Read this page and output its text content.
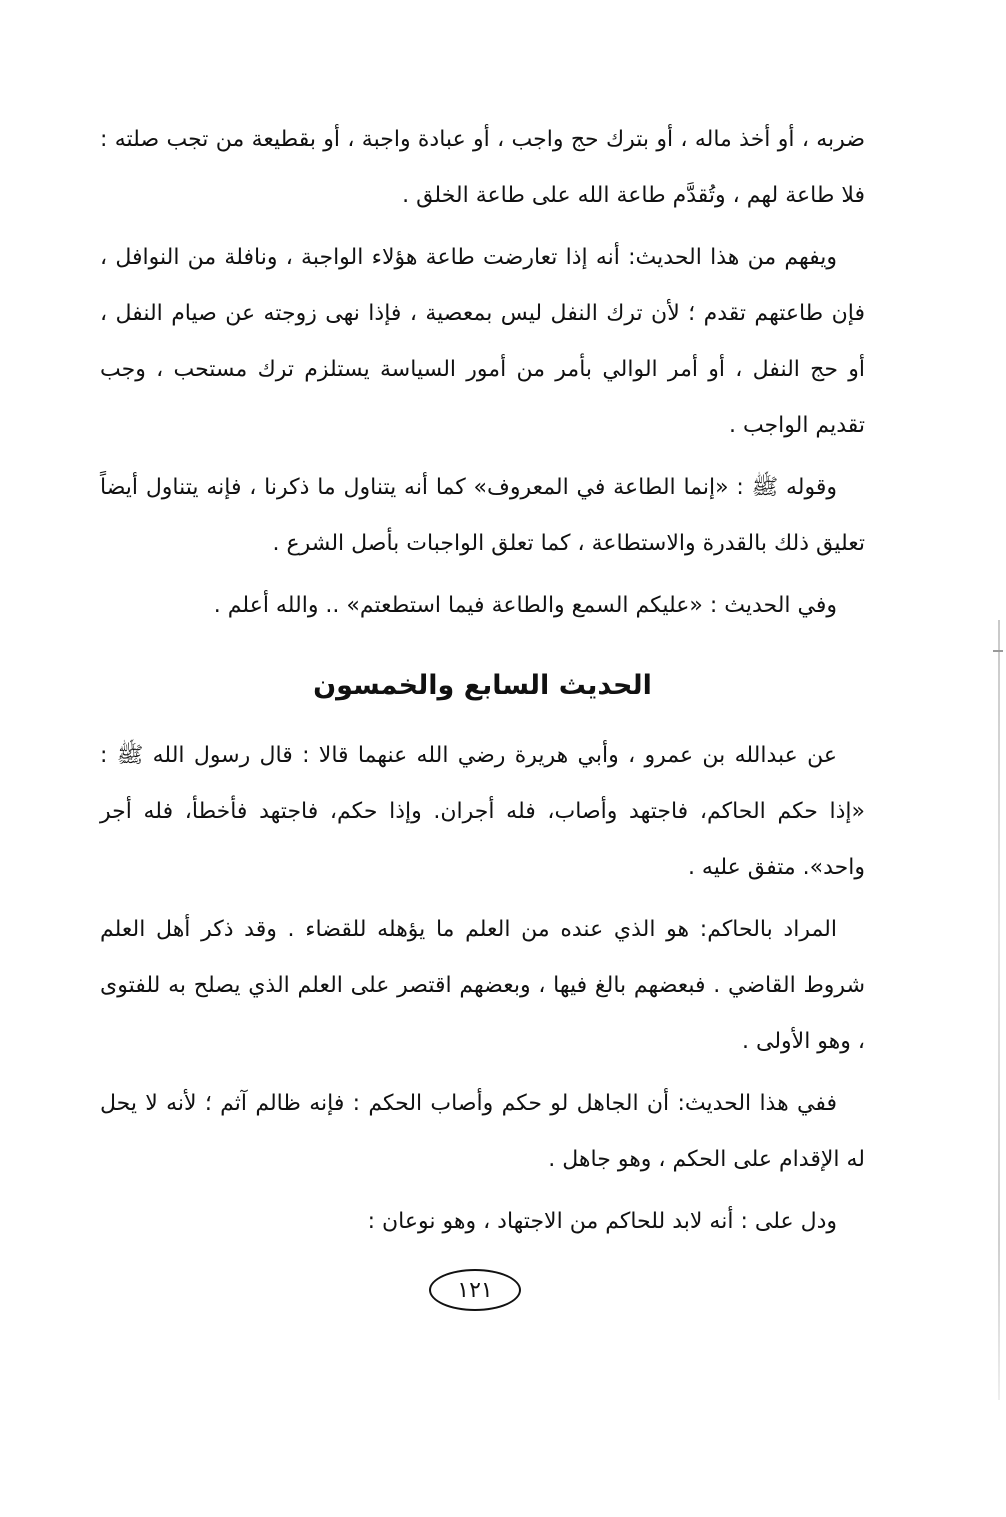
ضربه ، أو أخذ ماله ، أو بترك حج واجب ، أو عبادة واجبة ، أو بقطيعة من تجب صلته : فلا طاعة لهم ، وتُقدَّم طاعة الله على طاعة الخلق .

ويفهم من هذا الحديث: أنه إذا تعارضت طاعة هؤلاء الواجبة ، ونافلة من النوافل ، فإن طاعتهم تقدم ؛ لأن ترك النفل ليس بمعصية ، فإذا نهى زوجته عن صيام النفل ، أو حج النفل ، أو أمر الوالي بأمر من أمور السياسة يستلزم ترك مستحب ، وجب تقديم الواجب .

وقوله ﷺ : «إنما الطاعة في المعروف» كما أنه يتناول ما ذكرنا ، فإنه يتناول أيضاً تعليق ذلك بالقدرة والاستطاعة ، كما تعلق الواجبات بأصل الشرع .

وفي الحديث : «عليكم السمع والطاعة فيما استطعتم» .. والله أعلم .

الحديث السابع والخمسون

عن عبدالله بن عمرو ، وأبي هريرة رضي الله عنهما قالا : قال رسول الله ﷺ : «إذا حكم الحاكم، فاجتهد وأصاب، فله أجران. وإذا حكم، فاجتهد فأخطأ، فله أجر واحد». متفق عليه .

المراد بالحاكم: هو الذي عنده من العلم ما يؤهله للقضاء . وقد ذكر أهل العلم شروط القاضي . فبعضهم بالغ فيها ، وبعضهم اقتصر على العلم الذي يصلح به للفتوى ، وهو الأولى .

ففي هذا الحديث: أن الجاهل لو حكم وأصاب الحكم : فإنه ظالم آثم ؛ لأنه لا يحل له الإقدام على الحكم ، وهو جاهل .

ودل على : أنه لابد للحاكم من الاجتهاد ، وهو نوعان :

١٢١
